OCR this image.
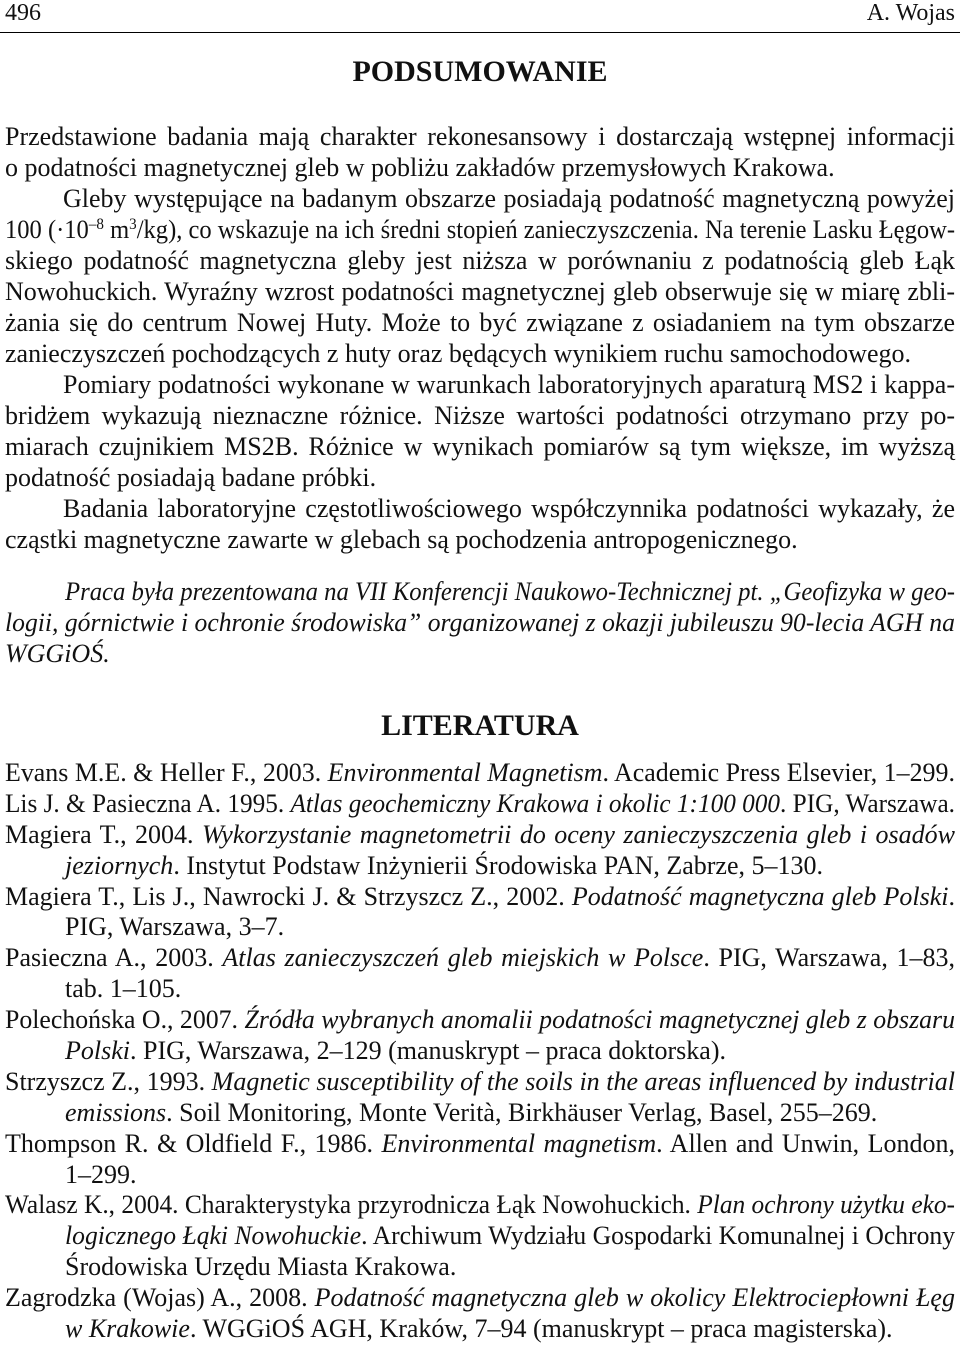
496	A. Wojas
PODSUMOWANIE
Przedstawione badania mają charakter rekonesansowy i dostarczają wstępnej informacji
o podatności magnetycznej gleb w pobliżu zakładów przemysłowych Krakowa.
Gleby występujące na badanym obszarze posiadają podatność magnetyczną powyżej
100 ($\cdot 10^{-8}$ $m^3/kg$), co wskazuje na ich średni stopień zanieczyszczenia. Na terenie Lasku Łęgow-
skiego podatność magnetyczna gleby jest niższa w porównaniu z podatnością gleb Łąk
Nowohuckich. Wyraźny wzrost podatności magnetycznej gleb obserwuje się w miarę zbli-
żania się do centrum Nowej Huty. Może to być związane z osiadaniem na tym obszarze
zanieczyszczeń pochodzących z huty oraz będących wynikiem ruchu samochodowego.
Pomiary podatności wykonane w warunkach laboratoryjnych aparaturą MS2 i kappa-
bridżem wykazują nieznaczne różnice. Niższe wartości podatności otrzymano przy po-
miarach czujnikiem MS2B. Różnice w wynikach pomiarów są tym większe, im wyższą
podatność posiadają badane próbki.
Badania laboratoryjne częstotliwościowego współczynnika podatności wykazały, że
cząstki magnetyczne zawarte w glebach są pochodzenia antropogenicznego.
Praca była prezentowana na VII Konferencji Naukowo-Technicznej pt. „Geofizyka w geo-
logii, górnictwie i ochronie środowiska” organizowanej z okazji jubileuszu 90-lecia AGH na
WGGiOŚ.
LITERATURA
Evans M.E. & Heller F., 2003. Environmental Magnetism. Academic Press Elsevier, 1–299.
Lis J. & Pasieczna A. 1995. Atlas geochemiczny Krakowa i okolic 1:100 000. PIG, Warszawa.
Magiera T., 2004. Wykorzystanie magnetometrii do oceny zanieczyszczenia gleb i osadów
jeziornych. Instytut Podstaw Inżynierii Środowiska PAN, Zabrze, 5–130.
Magiera T., Lis J., Nawrocki J. & Strzyszcz Z., 2002. Podatność magnetyczna gleb Polski.
PIG, Warszawa, 3–7.
Pasieczna A., 2003. Atlas zanieczyszczeń gleb miejskich w Polsce. PIG, Warszawa, 1–83,
tab. 1–105.
Polechońska O., 2007. Źródła wybranych anomalii podatności magnetycznej gleb z obszaru
Polski. PIG, Warszawa, 2–129 (manuskrypt – praca doktorska).
Strzyszcz Z., 1993. Magnetic susceptibility of the soils in the areas influenced by industrial
emissions. Soil Monitoring, Monte Verità, Birkhäuser Verlag, Basel, 255–269.
Thompson R. & Oldfield F., 1986. Environmental magnetism. Allen and Unwin, London,
1–299.
Walasz K., 2004. Charakterystyka przyrodnicza Łąk Nowohuckich. Plan ochrony użytku eko-
logicznego Łąki Nowohuckie. Archiwum Wydziału Gospodarki Komunalnej i Ochrony
Środowiska Urzędu Miasta Krakowa.
Zagrodzka (Wojas) A., 2008. Podatność magnetyczna gleb w okolicy Elektrociepłowni Łęg
w Krakowie. WGGiOŚ AGH, Kraków, 7–94 (manuskrypt – praca magisterska).
